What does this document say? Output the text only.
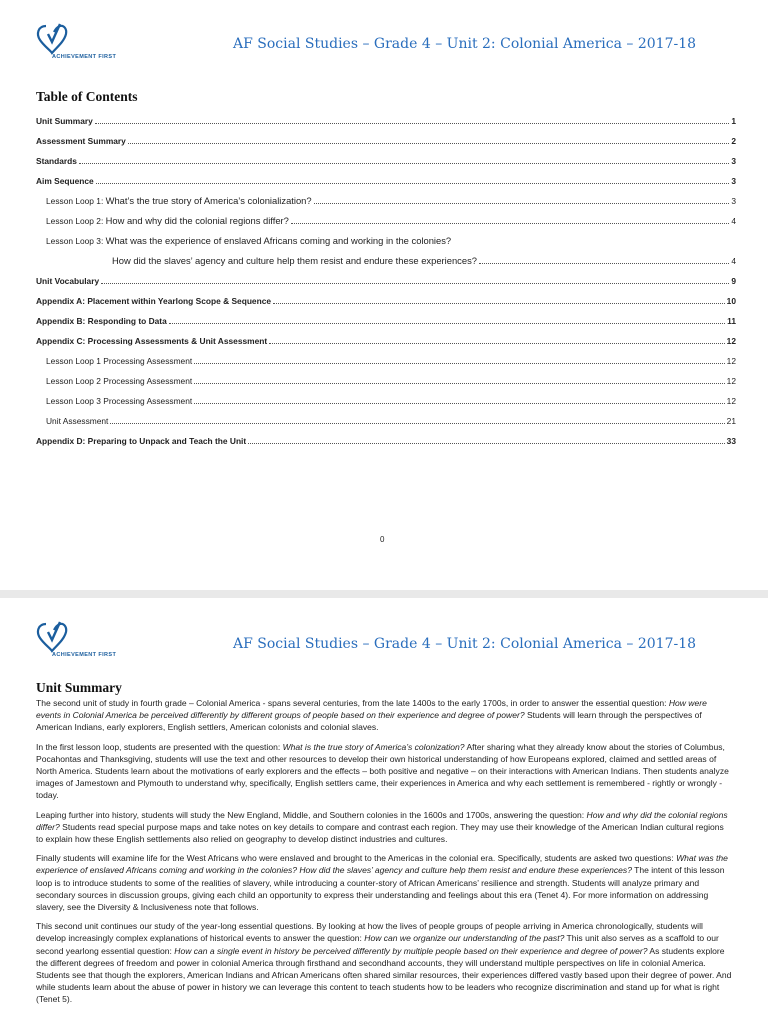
ACHIEVEMENT FIRST
AF Social Studies – Grade 4 – Unit 2: Colonial America – 2017-18
Table of Contents
Unit Summary	1
Assessment Summary	2
Standards	3
Aim Sequence	3
Lesson Loop 1: What’s the true story of America’s colonialization?	3
Lesson Loop 2: How and why did the colonial regions differ?	4
Lesson Loop 3: What was the experience of enslaved Africans coming and working in the colonies?
How did the slaves’ agency and culture help them resist and endure these experiences?	4
Unit Vocabulary	9
Appendix A: Placement within Yearlong Scope & Sequence	10
Appendix B: Responding to Data	11
Appendix C: Processing Assessments & Unit Assessment	12
Lesson Loop 1 Processing Assessment	12
Lesson Loop 2 Processing Assessment	12
Lesson Loop 3 Processing Assessment	12
Unit Assessment	21
Appendix D: Preparing to Unpack and Teach the Unit	33
0
ACHIEVEMENT FIRST
AF Social Studies – Grade 4 – Unit 2: Colonial America – 2017-18
Unit Summary

The second unit of study in fourth grade – Colonial America - spans several centuries, from the late 1400s to the early 1700s, in order to answer the essential question: How were events in Colonial America be perceived differently by different groups of people based on their experience and degree of power? Students will learn through the perspectives of American Indians, early explorers, English settlers, American colonists and colonial slaves.

In the first lesson loop, students are presented with the question: What is the true story of America’s colonization? After sharing what they already know about the stories of Columbus, Pocahontas and Thanksgiving, students will use the text and other resources to develop their own historical understanding of how Europeans explored, claimed and settled areas of North America. Students learn about the motivations of early explorers and the effects – both positive and negative – on their interactions with American Indians. Then students analyze images of Jamestown and Plymouth to understand why, specifically, English settlers came, their experiences in America and why each settlement is remembered - rightly or wrongly - today.

Leaping further into history, students will study the New England, Middle, and Southern colonies in the 1600s and 1700s, answering the question: How and why did the colonial regions differ? Students read special purpose maps and take notes on key details to compare and contrast each region. They may use their knowledge of the American Indian cultural regions to explain how these English settlements also relied on geography to develop distinct industries and cultures.

Finally students will examine life for the West Africans who were enslaved and brought to the Americas in the colonial era. Specifically, students are asked two questions: What was the experience of enslaved Africans coming and working in the colonies? How did the slaves’ agency and culture help them resist and endure these experiences? The intent of this lesson loop is to introduce students to some of the realities of slavery, while introducing a counter-story of African Americans’ resilience and strength. Students will analyze primary and secondary sources in discussion groups, giving each child an opportunity to express their understanding and feelings about this era (Tenet 4). For more information on addressing slavery, see the Diversity & Inclusiveness note that follows.

This second unit continues our study of the year-long essential questions. By looking at how the lives of people groups of people arriving in America chronologically, students will develop increasingly complex explanations of historical events to answer the question: How can we organize our understanding of the past? This unit also serves as a scaffold to our second yearlong essential question: How can a single event in history be perceived differently by multiple people based on their experience and degree of power? As students explore the different degrees of freedom and power in colonial America through firsthand and secondhand accounts, they will understand multiple perspectives on life in colonial America. Students see that though the explorers, American Indians and African Americans often shared similar resources, their experiences differed vastly based upon their degree of power. And while students learn about the abuse of power in history we can leverage this content to teach students how to be leaders who recognize discrimination and stand up for what is right (Tenet 5).
